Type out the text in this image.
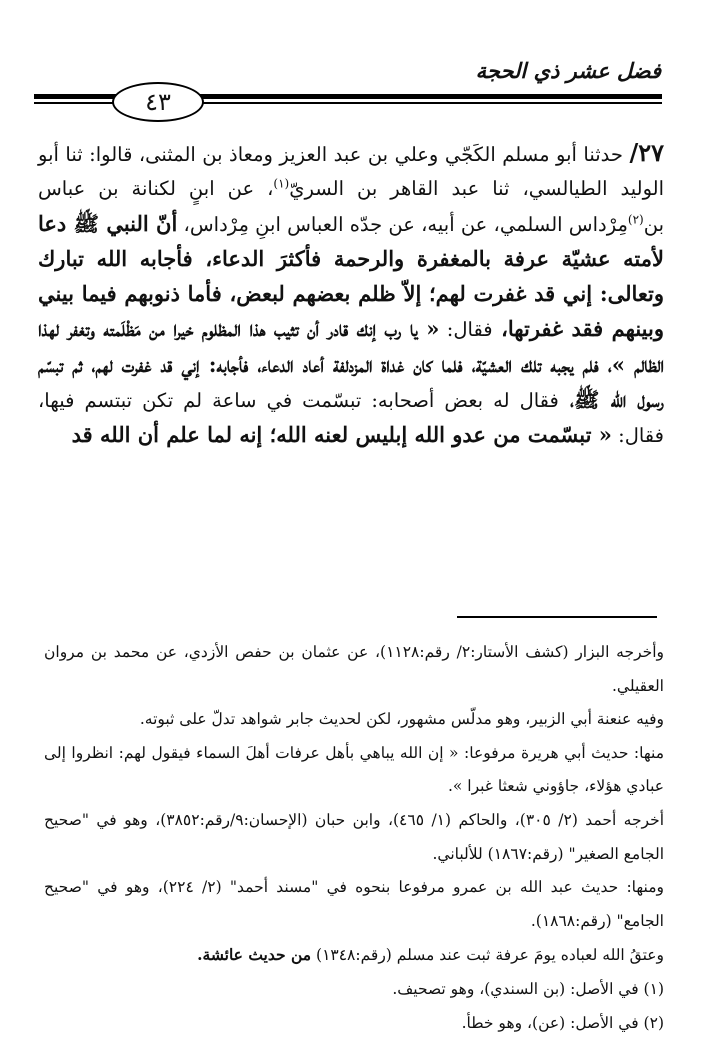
فضل عشر ذي الحجة
٤٣
٢٧/ حدثنا أبو مسلم الكَجّي وعلي بن عبد العزيز ومعاذ بن المثنى، قالوا: ثنا أبو الوليد الطيالسي، ثنا عبد القاهر بن السريّ$^{(١)}$، عن ابنٍ لكنانة بن عباس بن$^{(٢)}$مِرْداس السلمي، عن أبيه، عن جدّه العباس ابنِ مِرْداس، أنّ النبي ﷺ دعا لأمته عشيّة عرفة بالمغفرة والرحمة فأكثرَ الدعاء، فأجابه الله تبارك وتعالى: إني قد غفرت لهم؛ إلاّ ظلم بعضهم لبعض، فأما ذنوبهم فيما بيني وبينهم فقد غفرتها، فقال: « يا رب إنك قادر أن تثيب هذا المظلوم خيرا من مَظْلَمته وتغفر لهذا الظالم »، فلم يجبه تلك العشيّة، فلما كان غداة المزدلفة أعاد الدعاء، فأجابه: إني قد غفرت لهم، ثم تبسّم رسول الله ﷺ، فقال له بعض أصحابه: تبسّمت في ساعة لم تكن تبتسم فيها، فقال: « تبسّمت من عدو الله إبليس لعنه الله؛ إنه لما علم أن الله قد

وأخرجه البزار (كشف الأستار:٢/ رقم:١١٢٨)، عن عثمان بن حفص الأزدي، عن محمد بن مروان العقيلي.

وفيه عنعنة أبي الزبير، وهو مدلّس مشهور، لكن لحديث جابر شواهد تدلّ على ثبوته.

منها: حديث أبي هريرة مرفوعا: « إن الله يباهي بأهل عرفات أهلَ السماء فيقول لهم: انظروا إلى عبادي هؤلاء، جاؤوني شعثا غبرا ».

أخرجه أحمد (٢/ ٣٠٥)، والحاكم (١/ ٤٦٥)، وابن حبان (الإحسان:٩/رقم:٣٨٥٢)، وهو في "صحيح الجامع الصغير" (رقم:١٨٦٧) للألباني.

ومنها: حديث عبد الله بن عمرو مرفوعا بنحوه في "مسند أحمد" (٢/ ٢٢٤)، وهو في "صحيح الجامع" (رقم:١٨٦٨).

وعتقُ الله لعباده يومَ عرفة ثبت عند مسلم (رقم:١٣٤٨) من حديث عائشة.

(١) في الأصل: (بن السندي)، وهو تصحيف.

(٢) في الأصل: (عن)، وهو خطأ.
